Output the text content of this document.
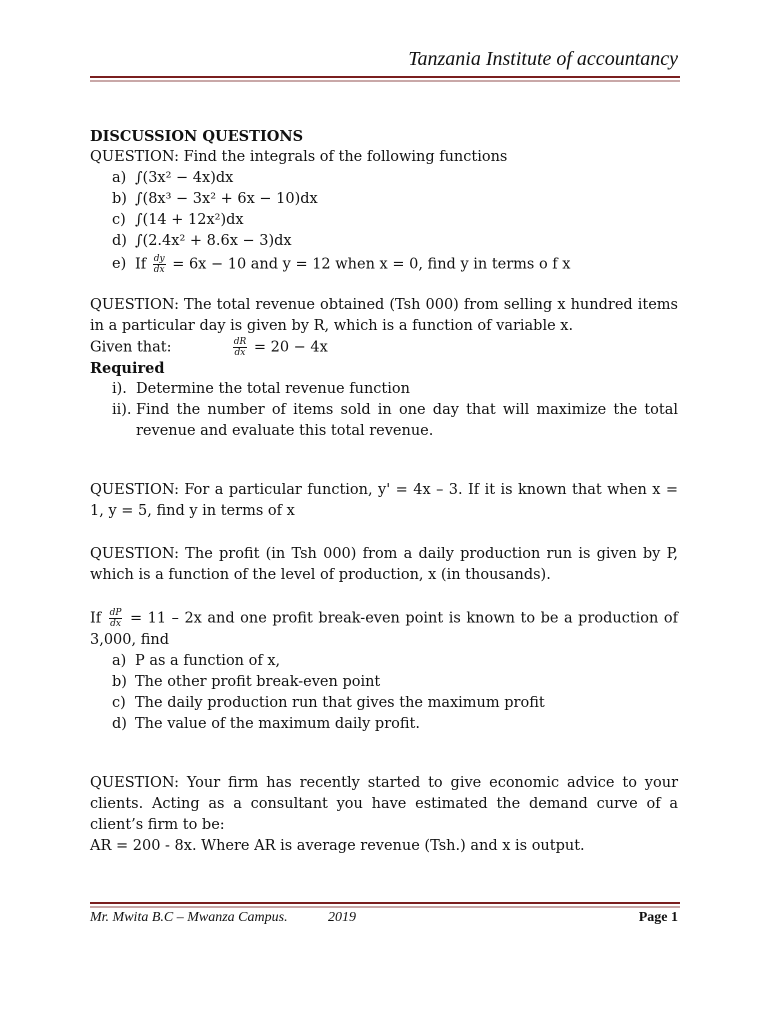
Tanzania Institute of accountancy

DISCUSSION QUESTIONS

QUESTION: Find the integrals of the following functions

a) ∫(3x² − 4x)dx
b) ∫(8x³ − 3x² + 6x − 10)dx
c) ∫(14 + 12x²)dx
d) ∫(2.4x² + 8.6x − 3)dx
e) If $\frac{dy}{dx} = 6x - 10$ and y = 12 when x = 0, find y in terms o f x

QUESTION: The total revenue obtained (Tsh 000) from selling x hundred items in a particular day is given by R, which is a function of variable x.

Given that:	$\frac{dR}{dx} = 20 - 4x$

Required

i). Determine the total revenue function
ii). Find the number of items sold in one day that will maximize the total revenue and evaluate this total revenue.

QUESTION: For a particular function, y' = 4x – 3. If it is known that when x = 1, y = 5, find y in terms of x

QUESTION: The profit (in Tsh 000) from a daily production run is given by P, which is a function of the level of production, x (in thousands).

If $\frac{dP}{dx} = 11 - 2x$ and one profit break-even point is known to be a production of 3,000, find

a) P as a function of x,
b) The other profit break-even point
c) The daily production run that gives the maximum profit
d) The value of the maximum daily profit.

QUESTION: Your firm has recently started to give economic advice to your clients. Acting as a consultant you have estimated the demand curve of a client’s firm to be:

AR = 200 - 8x. Where AR is average revenue (Tsh.) and x is output.

Mr. Mwita B.C – Mwanza Campus.	2019	Page 1
